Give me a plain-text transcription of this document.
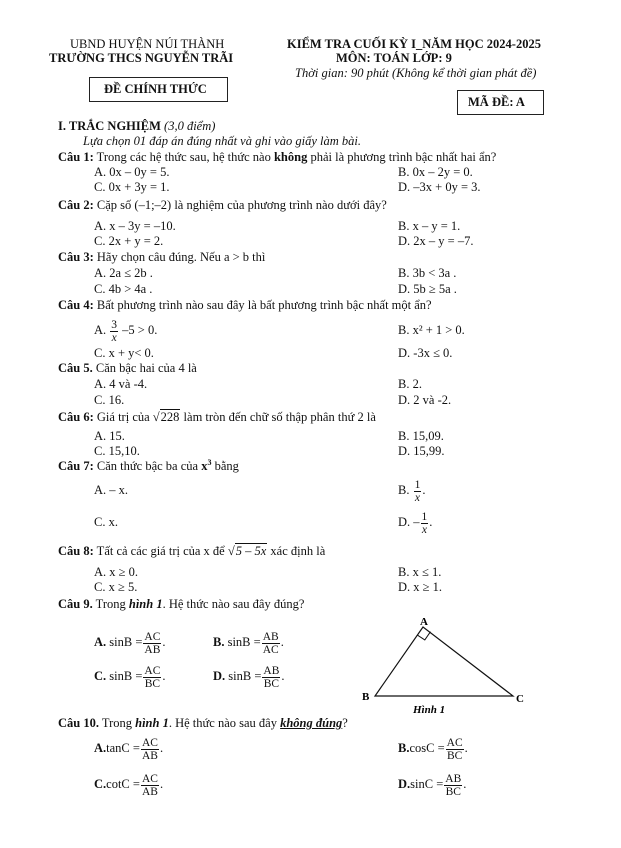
UBND HUYỆN NÚI THÀNH
TRƯỜNG THCS NGUYỄN TRÃI
ĐỀ CHÍNH THỨC
KIỂM TRA CUỐI KỲ I_NĂM HỌC 2024-2025
MÔN: TOÁN LỚP: 9
Thời gian: 90 phút (Không kể thời gian phát đề)
MÃ ĐỀ: A
I. TRẮC NGHIỆM (3,0 điểm)
Lựa chọn 01 đáp án đúng nhất và ghi vào giấy làm bài.
Câu 1: Trong các hệ thức sau, hệ thức nào không phải là phương trình bậc nhất hai ẩn?
A. 0x – 0y = 5.	B. 0x – 2y = 0.
C. 0x + 3y = 1.	D. –3x + 0y = 3.
Câu 2: Cặp số (–1;–2) là nghiệm của phương trình nào dưới đây?
A. x – 3y = –10.	B. x – y = 1.
C. 2x + y = 2.	D. 2x – y = –7.
Câu 3: Hãy chọn câu đúng. Nếu a > b thì
A. 2a ≤ 2b .	B. 3b < 3a .
C. 4b > 4a .	D. 5b ≥ 5a .
Câu 4: Bất phương trình nào sau đây là bất phương trình bậc nhất một ẩn?
A. $\frac{3}{x} -5 > 0$.	B. x² + 1 > 0.
C. x + y< 0.	D. -3x ≤ 0.
Câu 5. Căn bậc hai của 4 là
A. 4 và -4.	B. 2.
C. 16.	D. 2 và -2.
Câu 6: Giá trị của √228 làm tròn đến chữ số thập phân thứ 2 là
A. 15.	B. 15,09.
C. 15,10.	D. 15,99.
Câu 7: Căn thức bậc ba của $x^3$ bằng
A. – x.	B. $\frac{1}{x}$ .
C. x.	D. – $\frac{1}{x}$ .
Câu 8: Tất cả các giá trị của x để √5 – 5x xác định là
A. x ≥ 0.	B. x ≤ 1.
C. x ≥ 5.	D. x ≥ 1.
Câu 9. Trong hình 1. Hệ thức nào sau đây đúng?
A. $\sin B = \frac{AC}{AB}$ .	B. $\sin B = \frac{AB}{AC}$ .
C. $\sin B = \frac{AC}{BC}$ .	D. $\sin B = \frac{AB}{BC}$ .
A
B	C
Hình 1
Câu 10. Trong hình 1. Hệ thức nào sau đây không đúng?
$A.\tan C = \frac{AC}{AB}$ .	$B.\cos C = \frac{AC}{BC}$ .
$C.\cot C = \frac{AC}{AB}$ .	$D.\sin C = \frac{AB}{BC}$ .
